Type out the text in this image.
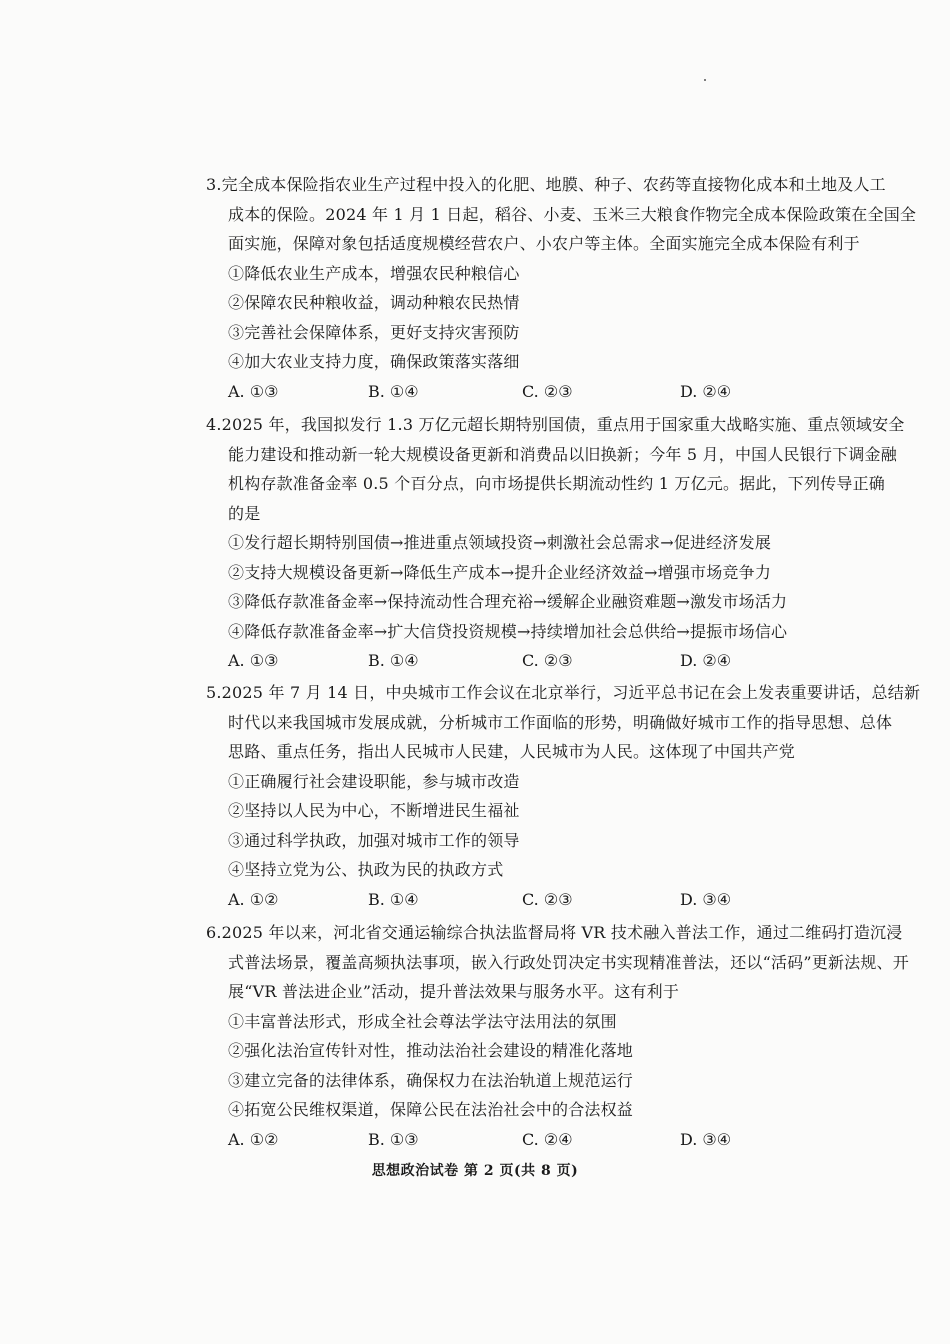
3.完全成本保险指农业生产过程中投入的化肥、地膜、种子、农药等直接物化成本和土地及人工
成本的保险。2024 年 1 月 1 日起，稻谷、小麦、玉米三大粮食作物完全成本保险政策在全国全
面实施，保障对象包括适度规模经营农户、小农户等主体。全面实施完全成本保险有利于
①降低农业生产成本，增强农民种粮信心
②保障农民种粮收益，调动种粮农民热情
③完善社会保障体系，更好支持灾害预防
④加大农业支持力度，确保政策落实落细
A. ①③	B. ①④	C. ②③	D. ②④
4.2025 年，我国拟发行 1.3 万亿元超长期特别国债，重点用于国家重大战略实施、重点领域安全
能力建设和推动新一轮大规模设备更新和消费品以旧换新；今年 5 月，中国人民银行下调金融
机构存款准备金率 0.5 个百分点，向市场提供长期流动性约 1 万亿元。据此，下列传导正确
的是
①发行超长期特别国债→推进重点领域投资→刺激社会总需求→促进经济发展
②支持大规模设备更新→降低生产成本→提升企业经济效益→增强市场竞争力
③降低存款准备金率→保持流动性合理充裕→缓解企业融资难题→激发市场活力
④降低存款准备金率→扩大信贷投资规模→持续增加社会总供给→提振市场信心
A. ①③	B. ①④	C. ②③	D. ②④
5.2025 年 7 月 14 日，中央城市工作会议在北京举行，习近平总书记在会上发表重要讲话，总结新
时代以来我国城市发展成就，分析城市工作面临的形势，明确做好城市工作的指导思想、总体
思路、重点任务，指出人民城市人民建，人民城市为人民。这体现了中国共产党
①正确履行社会建设职能，参与城市改造
②坚持以人民为中心，不断增进民生福祉
③通过科学执政，加强对城市工作的领导
④坚持立党为公、执政为民的执政方式
A. ①②	B. ①④	C. ②③	D. ③④
6.2025 年以来，河北省交通运输综合执法监督局将 VR 技术融入普法工作，通过二维码打造沉浸
式普法场景，覆盖高频执法事项，嵌入行政处罚决定书实现精准普法，还以“活码”更新法规、开
展“VR 普法进企业”活动，提升普法效果与服务水平。这有利于
①丰富普法形式，形成全社会尊法学法守法用法的氛围
②强化法治宣传针对性，推动法治社会建设的精准化落地
③建立完备的法律体系，确保权力在法治轨道上规范运行
④拓宽公民维权渠道，保障公民在法治社会中的合法权益
A. ①②	B. ①③	C. ②④	D. ③④
思想政治试卷 第 2 页(共 8 页)
